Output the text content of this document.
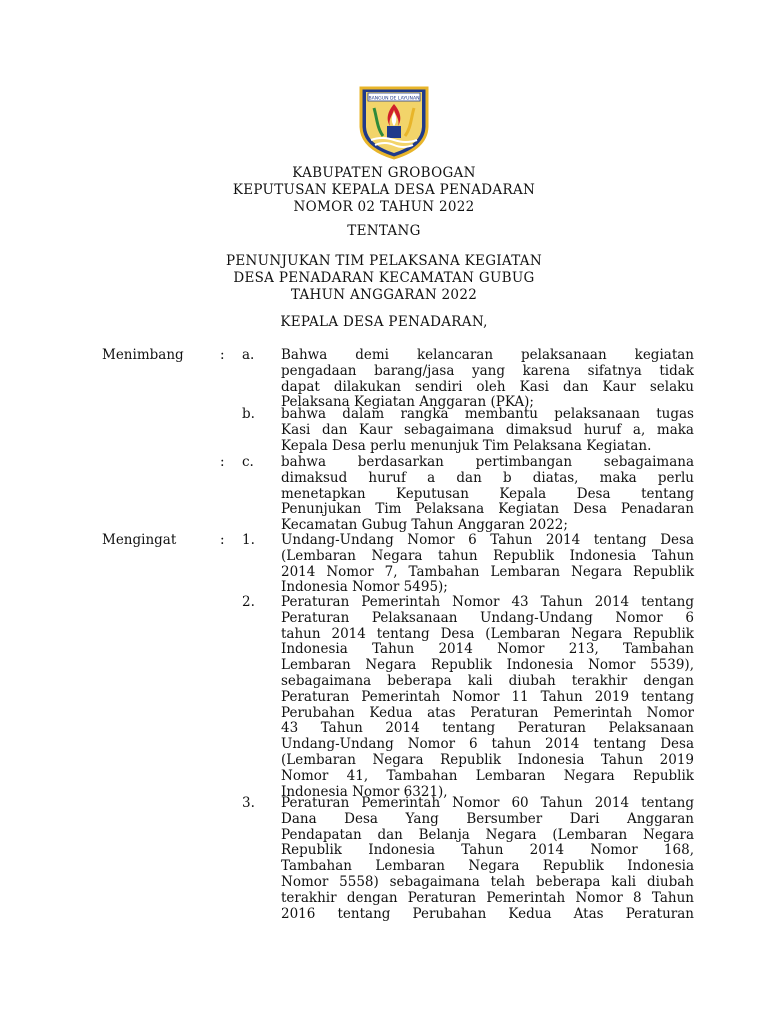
BANGUN DE LAYUNAN
KABUPATEN GROBOGAN
KEPUTUSAN KEPALA DESA PENADARAN
NOMOR 02 TAHUN 2022
TENTANG
PENUNJUKAN TIM PELAKSANA KEGIATAN
DESA PENADARAN KECAMATAN GUBUG
TAHUN ANGGARAN 2022
KEPALA DESA PENADARAN,
Menimbang	: a. Bahwa demi kelancaran pelaksanaan kegiatan
pengadaan barang/jasa yang karena sifatnya tidak
dapat dilakukan sendiri oleh Kasi dan Kaur selaku
Pelaksana Kegiatan Anggaran (PKA);
b. bahwa dalam rangka membantu pelaksanaan tugas
Kasi dan Kaur sebagaimana dimaksud huruf a, maka
Kepala Desa perlu menunjuk Tim Pelaksana Kegiatan.
: c. bahwa berdasarkan pertimbangan sebagaimana
dimaksud huruf a dan b diatas, maka perlu
menetapkan Keputusan Kepala Desa tentang
Penunjukan Tim Pelaksana Kegiatan Desa Penadaran
Kecamatan Gubug Tahun Anggaran 2022;
Mengingat	: 1. Undang-Undang Nomor 6 Tahun 2014 tentang Desa
(Lembaran Negara tahun Republik Indonesia Tahun
2014 Nomor 7, Tambahan Lembaran Negara Republik
Indonesia Nomor 5495);
2. Peraturan Pemerintah Nomor 43 Tahun 2014 tentang
Peraturan Pelaksanaan Undang-Undang Nomor 6
tahun 2014 tentang Desa (Lembaran Negara Republik
Indonesia Tahun 2014 Nomor 213, Tambahan
Lembaran Negara Republik Indonesia Nomor 5539),
sebagaimana beberapa kali diubah terakhir dengan
Peraturan Pemerintah Nomor 11 Tahun 2019 tentang
Perubahan Kedua atas Peraturan Pemerintah Nomor
43 Tahun 2014 tentang Peraturan Pelaksanaan
Undang-Undang Nomor 6 tahun 2014 tentang Desa
(Lembaran Negara Republik Indonesia Tahun 2019
Nomor 41, Tambahan Lembaran Negara Republik
Indonesia Nomor 6321),
3. Peraturan Pemerintah Nomor 60 Tahun 2014 tentang
Dana Desa Yang Bersumber Dari Anggaran
Pendapatan dan Belanja Negara (Lembaran Negara
Republik Indonesia Tahun 2014 Nomor 168,
Tambahan Lembaran Negara Republik Indonesia
Nomor 5558) sebagaimana telah beberapa kali diubah
terakhir dengan Peraturan Pemerintah Nomor 8 Tahun
2016 tentang Perubahan Kedua Atas Peraturan
